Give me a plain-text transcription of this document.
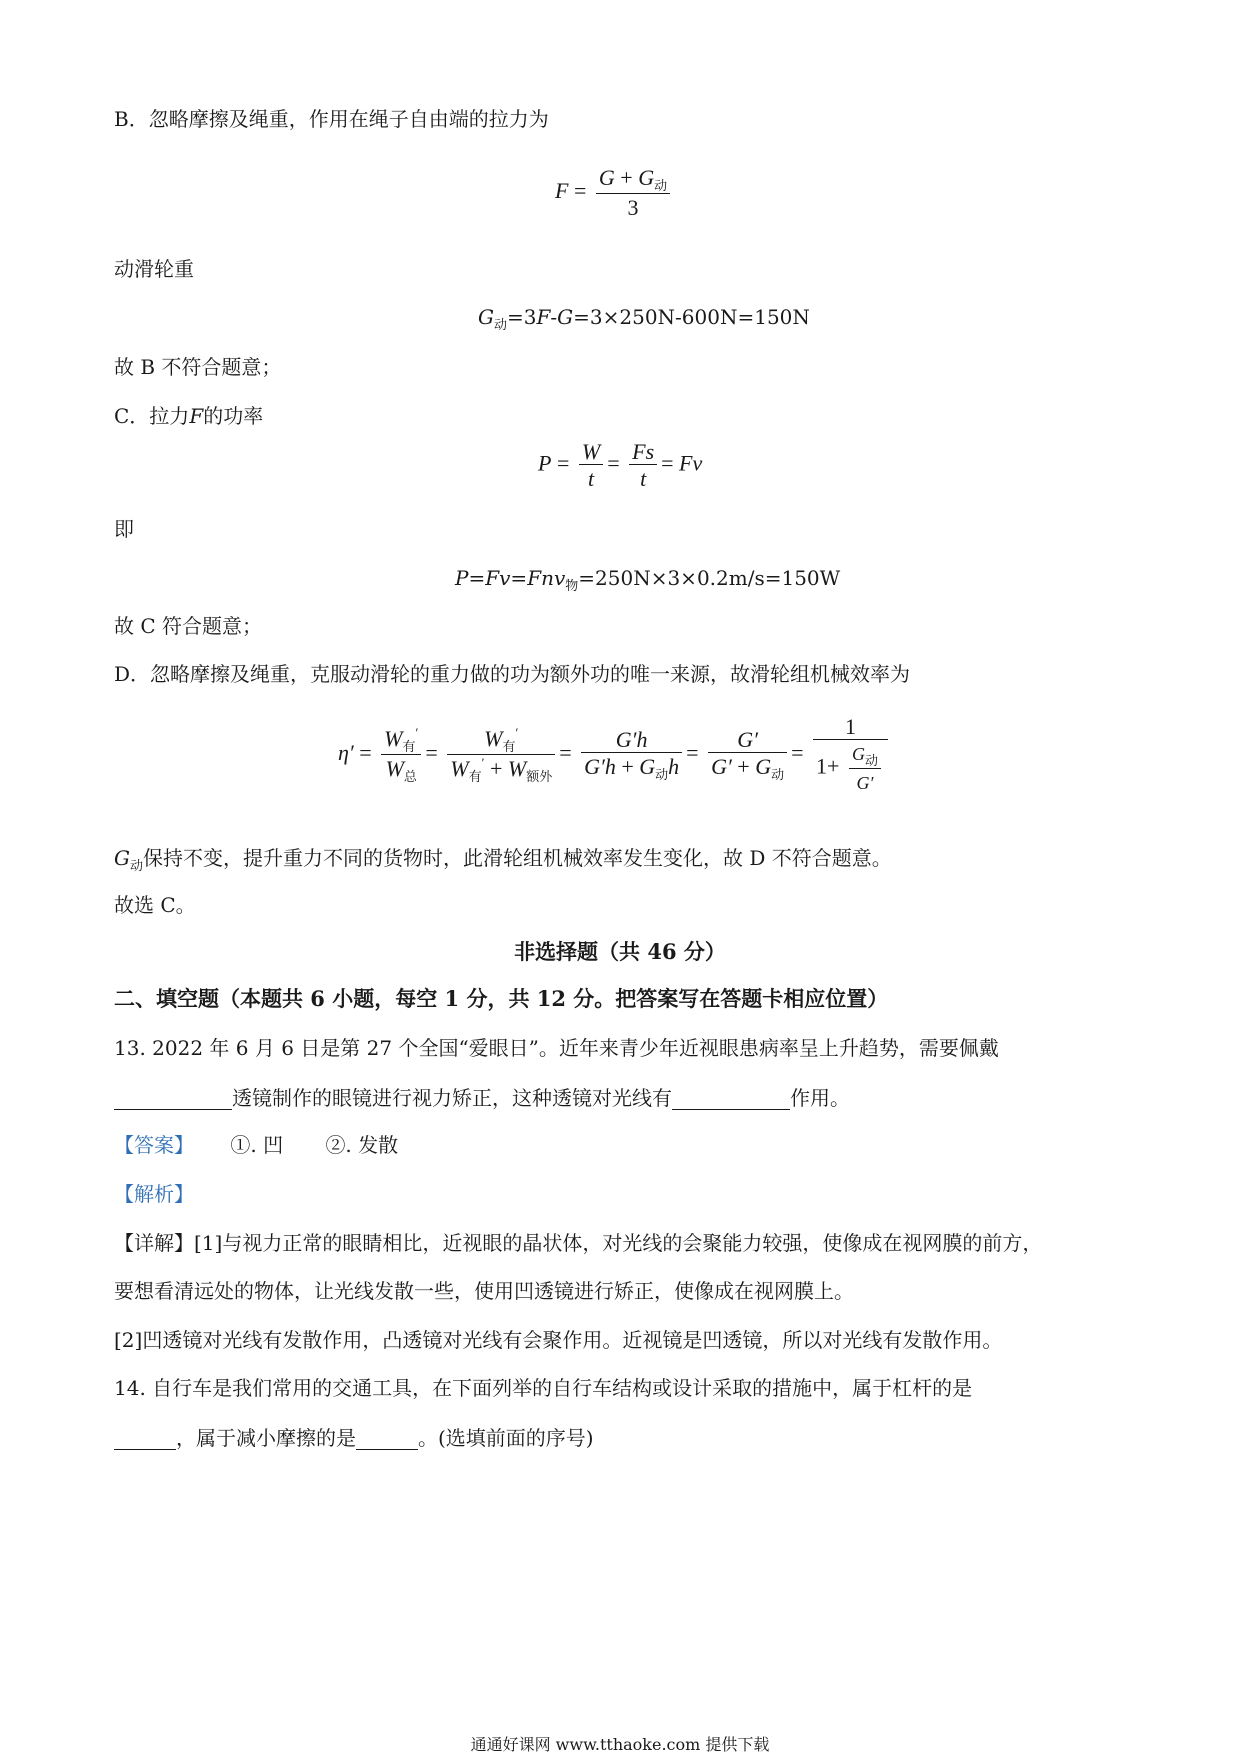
B．忽略摩擦及绳重，作用在绳子自由端的拉力为
$F = \frac{G + G_动}{3}$
动滑轮重
$G_动=3F-G=3\times 250N-600N=150N$
故 B 不符合题意；
C．拉力F的功率
$P = \frac{W}{t} = \frac{Fs}{t} = Fv$
即
P=Fv=Fnv$_物$=250N×3×0.2m/s=150W
故 C 符合题意；
D．忽略摩擦及绳重，克服动滑轮的重力做的功为额外功的唯一来源，故滑轮组机械效率为
$\eta' = \frac{W_有'}{W_总} = \frac{W_有'}{W_有' + W_{额外}} = \frac{G'h}{G'h + G_动h} = \frac{G'}{G' + G_动} = \frac{1}{1+ \frac{G_动}{G'}}$
$G_动$保持不变，提升重力不同的货物时，此滑轮组机械效率发生变化，故 D 不符合题意。
故选 C。
非选择题（共 46 分）
二、填空题（本题共 6 小题，每空 1 分，共 12 分。把答案写在答题卡相应位置）
13. 2022 年 6 月 6 日是第 27 个全国“爱眼日”。近年来青少年近视眼患病率呈上升趋势，需要佩戴
透镜制作的眼镜进行视力矫正，这种透镜对光线有	作用。
【答案】 ①. 凹 ②. 发散
【解析】
【详解】[1]与视力正常的眼睛相比，近视眼的晶状体，对光线的会聚能力较强，使像成在视网膜的前方，
要想看清远处的物体，让光线发散一些，使用凹透镜进行矫正，使像成在视网膜上。
[2]凹透镜对光线有发散作用，凸透镜对光线有会聚作用。近视镜是凹透镜，所以对光线有发散作用。
14. 自行车是我们常用的交通工具，在下面列举的自行车结构或设计采取的措施中，属于杠杆的是
，属于减小摩擦的是	。(选填前面的序号)
通通好课网 www.tthaoke.com 提供下载
